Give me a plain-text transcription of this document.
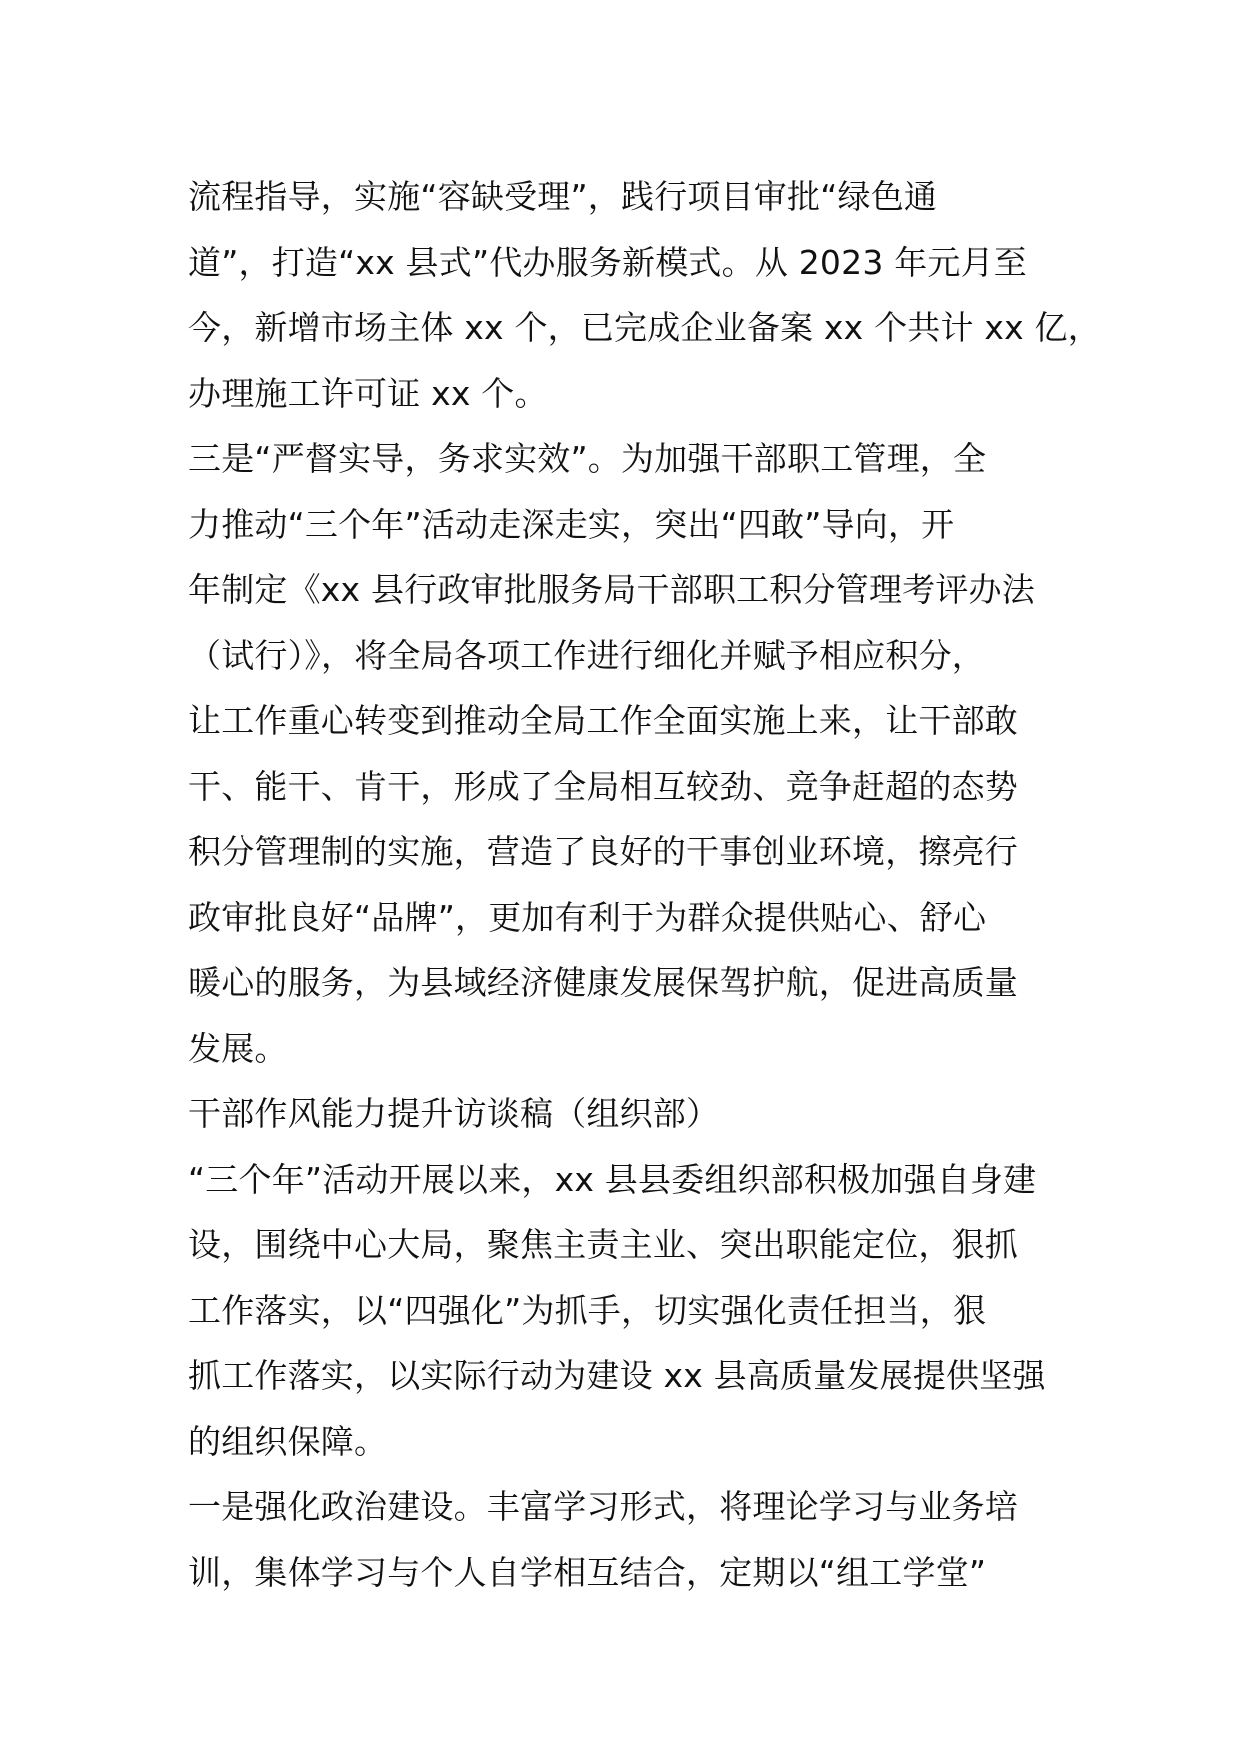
流程指导，实施“容缺受理”，践行项目审批“绿色通
道”，打造“xx 县式”代办服务新模式。从 2023 年元月至
今，新增市场主体 xx 个，已完成企业备案 xx 个共计 xx 亿，
办理施工许可证 xx 个。
三是“严督实导，务求实效”。为加强干部职工管理，全
力推动“三个年”活动走深走实，突出“四敢”导向，开
年制定《xx 县行政审批服务局干部职工积分管理考评办法
（试行）》，将全局各项工作进行细化并赋予相应积分，
让工作重心转变到推动全局工作全面实施上来，让干部敢
干、能干、肯干，形成了全局相互较劲、竞争赶超的态势
积分管理制的实施，营造了良好的干事创业环境，擦亮行
政审批良好“品牌”，更加有利于为群众提供贴心、舒心
暖心的服务，为县域经济健康发展保驾护航，促进高质量
发展。
干部作风能力提升访谈稿（组织部）
“三个年”活动开展以来，xx 县县委组织部积极加强自身建
设，围绕中心大局，聚焦主责主业、突出职能定位，狠抓
工作落实，以“四强化”为抓手，切实强化责任担当，狠
抓工作落实，以实际行动为建设 xx 县高质量发展提供坚强
的组织保障。
一是强化政治建设。丰富学习形式，将理论学习与业务培
训，集体学习与个人自学相互结合，定期以“组工学堂”
